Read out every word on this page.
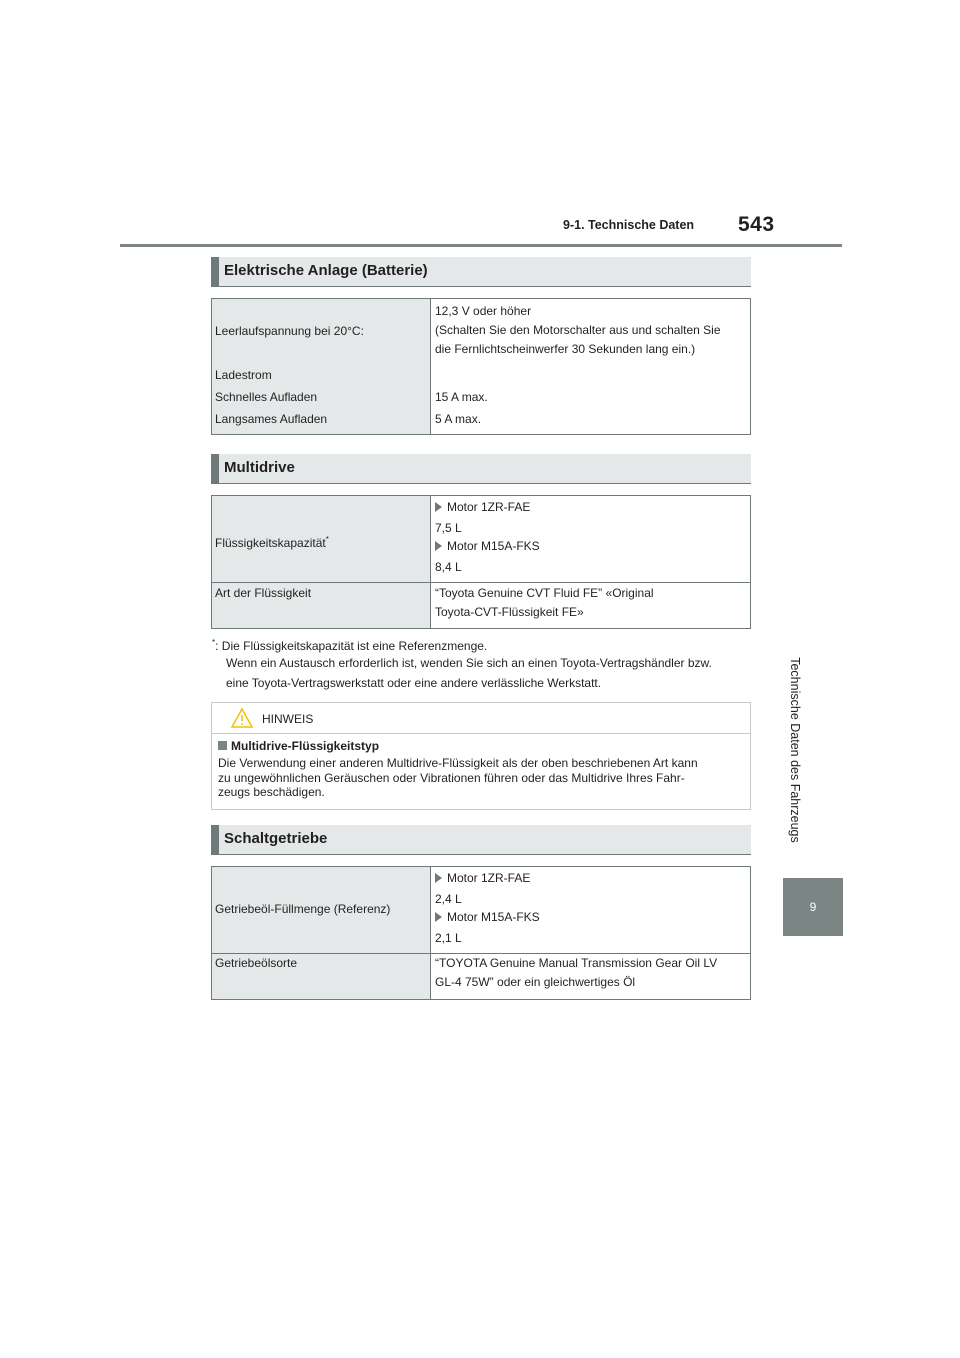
9-1. Technische Daten 543
Technische Daten des Fahrzeugs
9
Elektrische Anlage (Batterie)
Leerlaufspannung bei 20°C:
Ladestrom
Schnelles Aufladen
Langsames Aufladen
12,3 V oder höher
(Schalten Sie den Motorschalter aus und schalten Sie
die Fernlichtscheinwerfer 30 Sekunden lang ein.)
15 A max.
5 A max.
Multidrive
Flüssigkeitskapazität*
Motor 1ZR-FAE
7,5 L
Motor M15A-FKS
8,4 L
Art der Flüssigkeit	“Toyota Genuine CVT Fluid FE” «Original
Toyota-CVT-Flüssigkeit FE»
*: Die Flüssigkeitskapazität ist eine Referenzmenge.
Wenn ein Austausch erforderlich ist, wenden Sie sich an einen Toyota-Vertragshändler bzw.
eine Toyota-Vertragswerkstatt oder eine andere verlässliche Werkstatt.
HINWEIS
Multidrive-Flüssigkeitstyp
Die Verwendung einer anderen Multidrive-Flüssigkeit als der oben beschriebenen Art kann
zu ungewöhnlichen Geräuschen oder Vibrationen führen oder das Multidrive Ihres Fahr-
zeugs beschädigen.
Schaltgetriebe
Getriebeöl-Füllmenge (Referenz)
Motor 1ZR-FAE
2,4 L
Motor M15A-FKS
2,1 L
Getriebeölsorte	“TOYOTA Genuine Manual Transmission Gear Oil LV
GL-4 75W” oder ein gleichwertiges Öl
